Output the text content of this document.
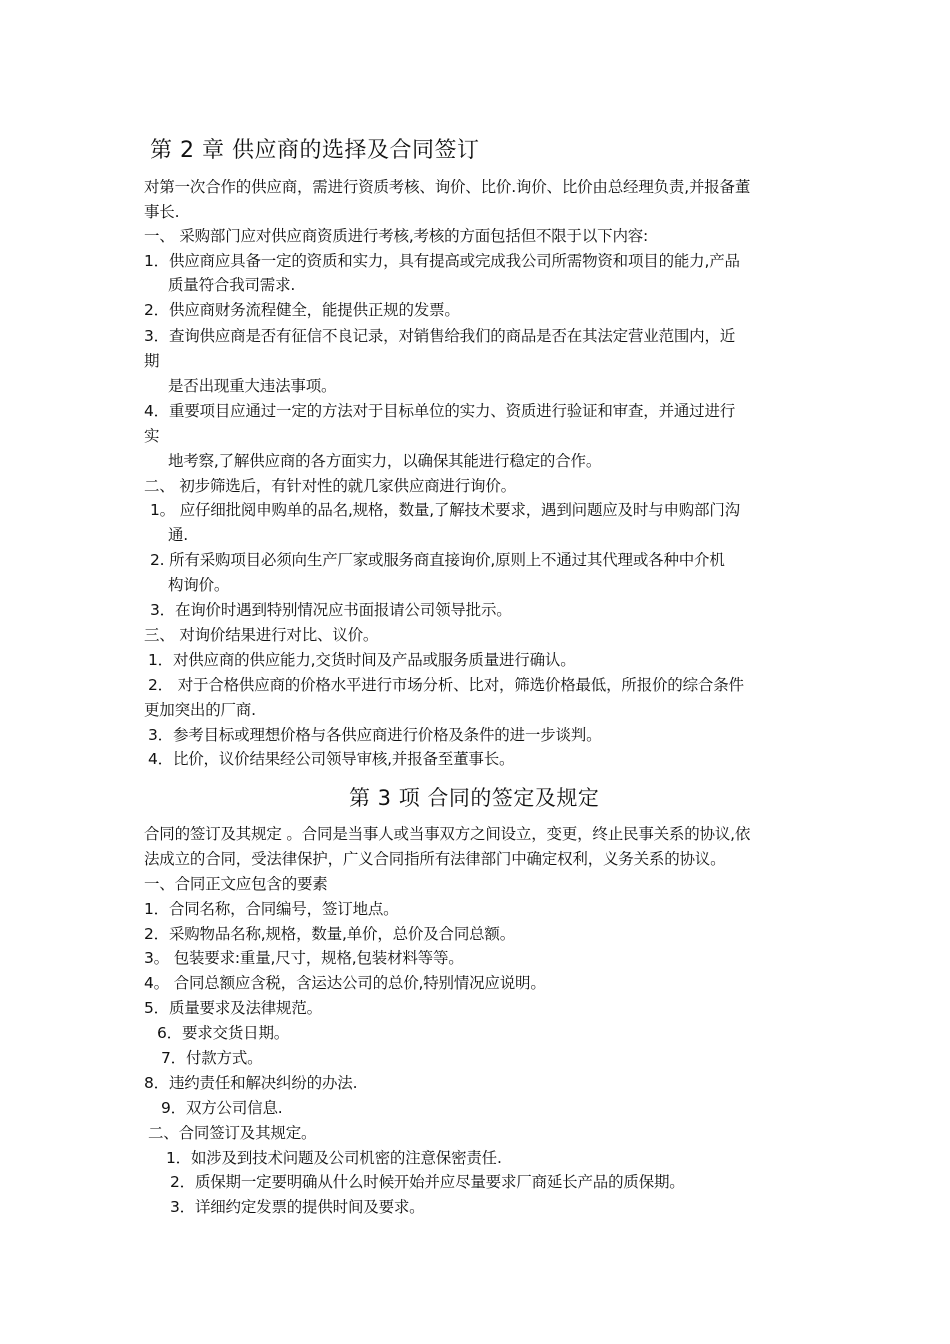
第 2 章 供应商的选择及合同签订
对第一次合作的供应商，需进行资质考核、询价、比价.询价、比价由总经理负责,并报备董
事长.
一、 采购部门应对供应商资质进行考核,考核的方面包括但不限于以下内容:
1．供应商应具备一定的资质和实力，具有提高或完成我公司所需物资和项目的能力,产品
质量符合我司需求.
2．供应商财务流程健全，能提供正规的发票。
3．查询供应商是否有征信不良记录，对销售给我们的商品是否在其法定营业范围内，近
期
是否出现重大违法事项。
4．重要项目应通过一定的方法对于目标单位的实力、资质进行验证和审查，并通过进行
实
地考察,了解供应商的各方面实力，以确保其能进行稳定的合作。
二、 初步筛选后，有针对性的就几家供应商进行询价。
1。 应仔细批阅申购单的品名,规格，数量,了解技术要求，遇到问题应及时与申购部门沟
通.
2. 所有采购项目必须向生产厂家或服务商直接询价,原则上不通过其代理或各种中介机
构询价。
3．在询价时遇到特别情况应书面报请公司领导批示。
三、 对询价结果进行对比、议价。
1．对供应商的供应能力,交货时间及产品或服务质量进行确认。
2． 对于合格供应商的价格水平进行市场分析、比对，筛选价格最低，所报价的综合条件
更加突出的厂商.
3．参考目标或理想价格与各供应商进行价格及条件的进一步谈判。
4．比价，议价结果经公司领导审核,并报备至董事长。
第 3 项 合同的签定及规定
合同的签订及其规定 。合同是当事人或当事双方之间设立，变更，终止民事关系的协议,依
法成立的合同，受法律保护，广义合同指所有法律部门中确定权利，义务关系的协议。
一、合同正文应包含的要素
1．合同名称，合同编号，签订地点。
2．采购物品名称,规格，数量,单价，总价及合同总额。
3。 包装要求:重量,尺寸，规格,包装材料等等。
4。 合同总额应含税，含运达公司的总价,特别情况应说明。
5．质量要求及法律规范。
6．要求交货日期。
7．付款方式。
8．违约责任和解决纠纷的办法.
9．双方公司信息.
二、合同签订及其规定。
1．如涉及到技术问题及公司机密的注意保密责任.
2．质保期一定要明确从什么时候开始并应尽量要求厂商延长产品的质保期。
3．详细约定发票的提供时间及要求。
